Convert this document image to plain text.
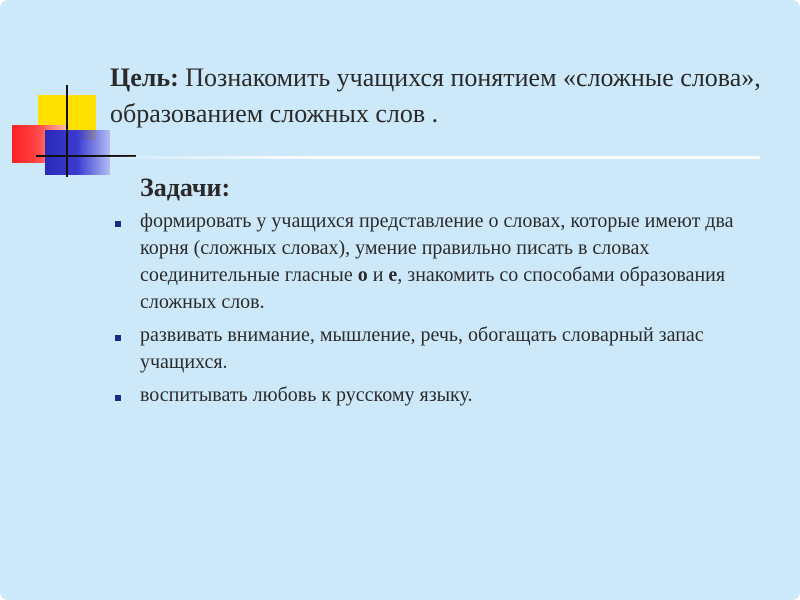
Цель: Познакомить учащихся понятием «сложные слова», образованием сложных слов .
Задачи:
формировать у учащихся представление о словах, которые имеют два корня (сложных словах), умение правильно писать в словах соединительные гласные о и е, знакомить со способами образования сложных слов.
развивать внимание, мышление, речь, обогащать словарный запас учащихся.
воспитывать любовь к русскому языку.
